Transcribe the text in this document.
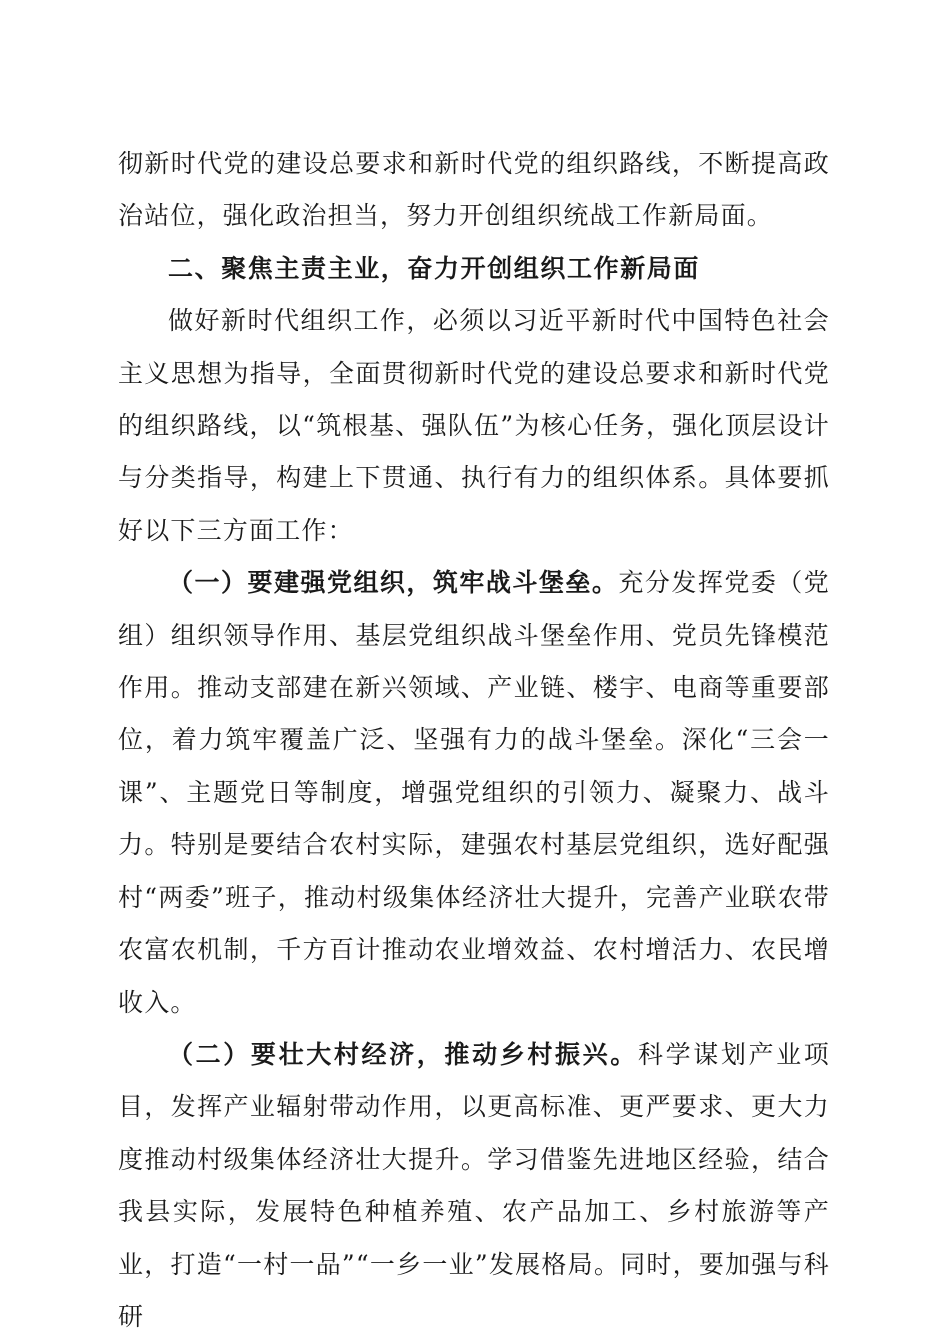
彻新时代党的建设总要求和新时代党的组织路线，不断提高政治站位，强化政治担当，努力开创组织统战工作新局面。

二、聚焦主责主业，奋力开创组织工作新局面

做好新时代组织工作，必须以习近平新时代中国特色社会主义思想为指导，全面贯彻新时代党的建设总要求和新时代党的组织路线，以“筑根基、强队伍”为核心任务，强化顶层设计与分类指导，构建上下贯通、执行有力的组织体系。具体要抓好以下三方面工作：

（一）要建强党组织，筑牢战斗堡垒。充分发挥党委（党组）组织领导作用、基层党组织战斗堡垒作用、党员先锋模范作用。推动支部建在新兴领域、产业链、楼宇、电商等重要部位，着力筑牢覆盖广泛、坚强有力的战斗堡垒。深化“三会一课”、主题党日等制度，增强党组织的引领力、凝聚力、战斗力。特别是要结合农村实际，建强农村基层党组织，选好配强村“两委”班子，推动村级集体经济壮大提升，完善产业联农带农富农机制，千方百计推动农业增效益、农村增活力、农民增收入。

（二）要壮大村经济，推动乡村振兴。科学谋划产业项目，发挥产业辐射带动作用，以更高标准、更严要求、更大力度推动村级集体经济壮大提升。学习借鉴先进地区经验，结合我县实际，发展特色种植养殖、农产品加工、乡村旅游等产业，打造“一村一品”“一乡一业”发展格局。同时，要加强与科研
